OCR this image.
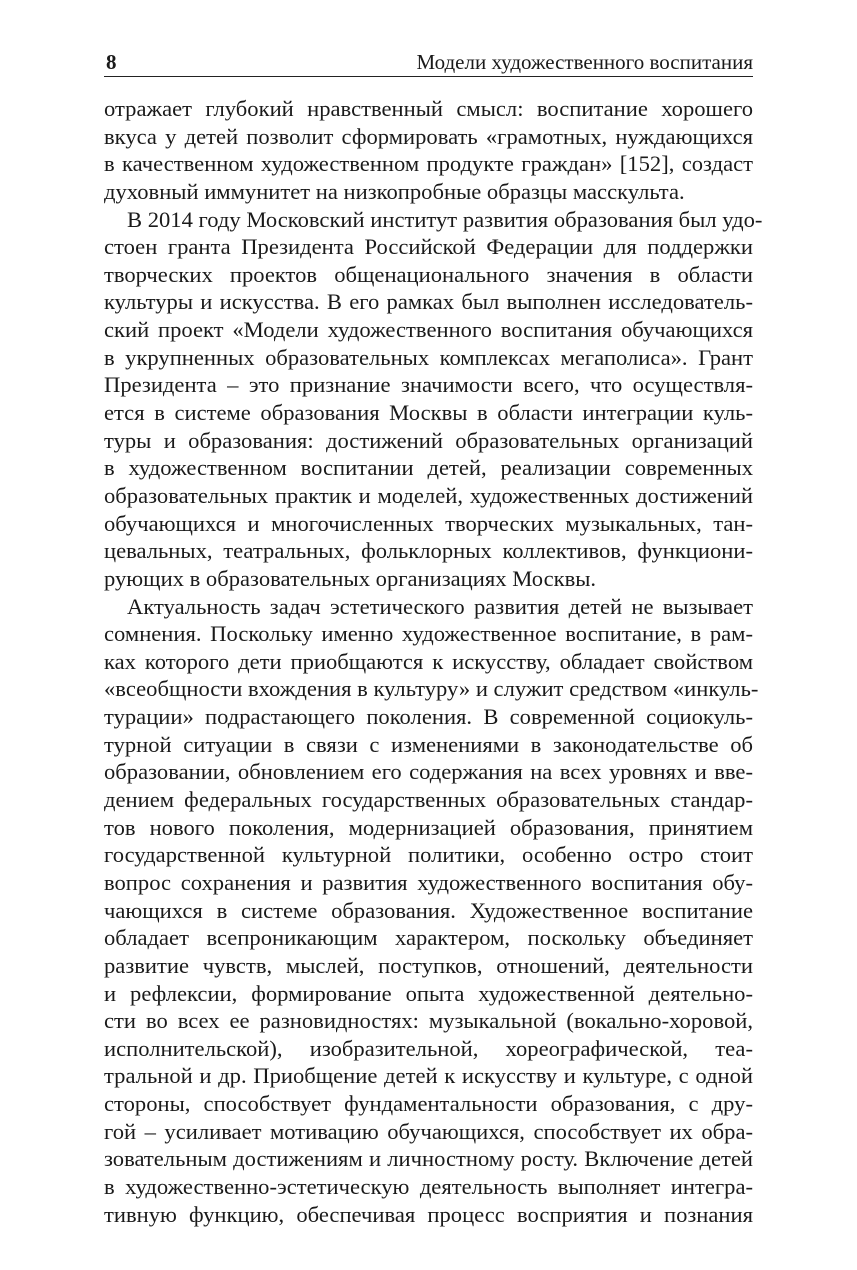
8	Модели художественного воспитания
отражает глубокий нравственный смысл: воспитание хорошего
вкуса у детей позволит сформировать «грамотных, нуждающихся
в качественном художественном продукте граждан» [152], создаст
духовный иммунитет на низкопробные образцы масскульта.
В 2014 году Московский институт развития образования был удо-
стоен гранта Президента Российской Федерации для поддержки
творческих проектов общенационального значения в области
культуры и искусства. В его рамках был выполнен исследователь-
ский проект «Модели художественного воспитания обучающихся
в укрупненных образовательных комплексах мегаполиса». Грант
Президента – это признание значимости всего, что осуществля-
ется в системе образования Москвы в области интеграции куль-
туры и образования: достижений образовательных организаций
в художественном воспитании детей, реализации современных
образовательных практик и моделей, художественных достижений
обучающихся и многочисленных творческих музыкальных, тан-
цевальных, театральных, фольклорных коллективов, функциони-
рующих в образовательных организациях Москвы.
Актуальность задач эстетического развития детей не вызывает
сомнения. Поскольку именно художественное воспитание, в рам-
ках которого дети приобщаются к искусству, обладает свойством
«всеобщности вхождения в культуру» и служит средством «инкуль-
турации» подрастающего поколения. В современной социокуль-
турной ситуации в связи с изменениями в законодательстве об
образовании, обновлением его содержания на всех уровнях и вве-
дением федеральных государственных образовательных стандар-
тов нового поколения, модернизацией образования, принятием
государственной культурной политики, особенно остро стоит
вопрос сохранения и развития художественного воспитания обу-
чающихся в системе образования. Художественное воспитание
обладает всепроникающим характером, поскольку объединяет
развитие чувств, мыслей, поступков, отношений, деятельности
и рефлексии, формирование опыта художественной деятельно-
сти во всех ее разновидностях: музыкальной (вокально-хоровой,
исполнительской), изобразительной, хореографической, теа-
тральной и др. Приобщение детей к искусству и культуре, с одной
стороны, способствует фундаментальности образования, с дру-
гой – усиливает мотивацию обучающихся, способствует их обра-
зовательным достижениям и личностному росту. Включение детей
в художественно-эстетическую деятельность выполняет интегра-
тивную функцию, обеспечивая процесс восприятия и познания
